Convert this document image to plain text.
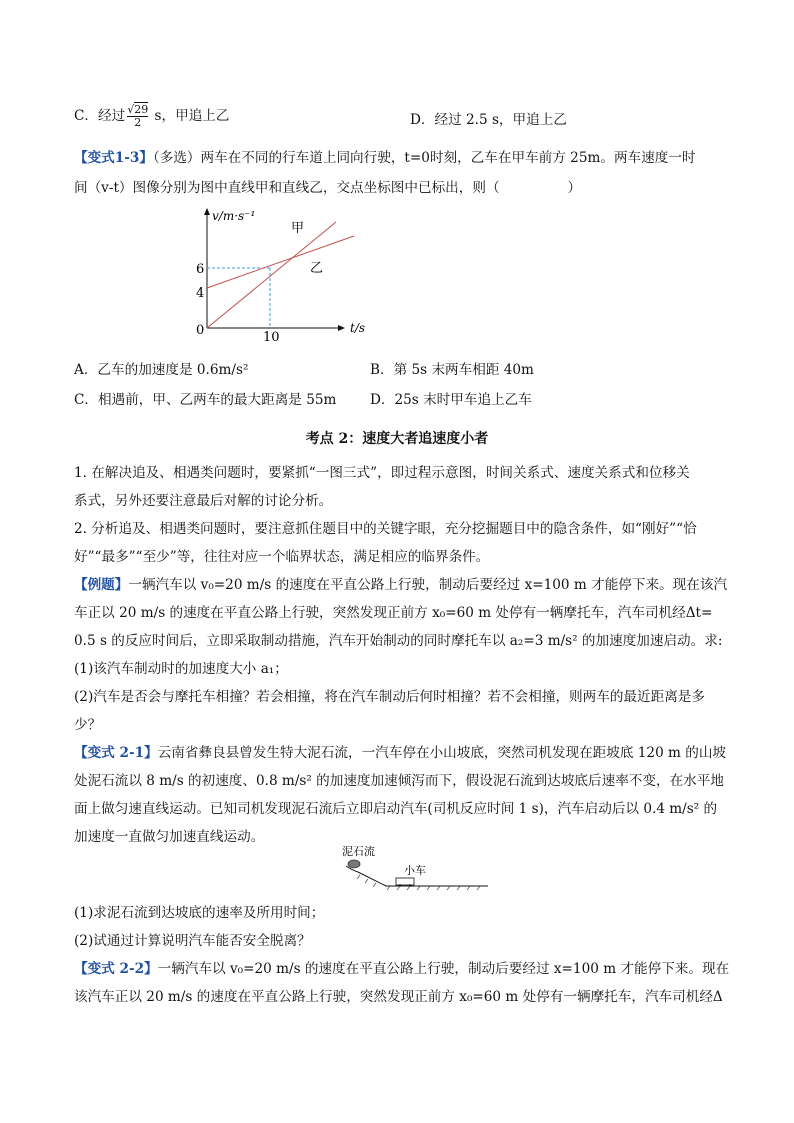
C．经过 $\frac{√29}{2}$ s，甲追上乙	D．经过 2.5 s，甲追上乙
【变式1-3】（多选）两车在不同的行车道上同向行驶，t=0时刻，乙车在甲车前方 25m。两车速度一时
间（v-t）图像分别为图中直线甲和直线乙，交点坐标图中已标出，则（　　　　　）
v/m·s⁻¹
t/s
0
6
4
10
甲
乙
A．乙车的加速度是 0.6m/s²	B．第 5s 末两车相距 40m
C．相遇前，甲、乙两车的最大距离是 55m D．25s 末时甲车追上乙车
考点 2：速度大者追速度小者
1. 在解决追及、相遇类问题时，要紧抓“一图三式”，即过程示意图，时间关系式、速度关系式和位移关
系式，另外还要注意最后对解的讨论分析。
2. 分析追及、相遇类问题时，要注意抓住题目中的关键字眼，充分挖掘题目中的隐含条件，如“刚好”“恰
好”“最多”“至少”等，往往对应一个临界状态，满足相应的临界条件。
【例题】一辆汽车以 v₀=20 m/s 的速度在平直公路上行驶，制动后要经过 x=100 m 才能停下来。现在该汽
车正以 20 m/s 的速度在平直公路上行驶，突然发现正前方 x₀=60 m 处停有一辆摩托车，汽车司机经Δt=
0.5 s 的反应时间后，立即采取制动措施，汽车开始制动的同时摩托车以 a₂=3 m/s² 的加速度加速启动。求:
(1)该汽车制动时的加速度大小 a₁；
(2)汽车是否会与摩托车相撞？若会相撞，将在汽车制动后何时相撞？若不会相撞，则两车的最近距离是多
少？
【变式 2-1】云南省彝良县曾发生特大泥石流，一汽车停在小山坡底，突然司机发现在距坡底 120 m 的山坡
处泥石流以 8 m/s 的初速度、0.8 m/s² 的加速度加速倾泻而下，假设泥石流到达坡底后速率不变，在水平地
面上做匀速直线运动。已知司机发现泥石流后立即启动汽车(司机反应时间 1 s)，汽车启动后以 0.4 m/s² 的
加速度一直做匀加速直线运动。
泥石流
小车
(1)求泥石流到达坡底的速率及所用时间；
(2)试通过计算说明汽车能否安全脱离？
【变式 2-2】一辆汽车以 v₀=20 m/s 的速度在平直公路上行驶，制动后要经过 x=100 m 才能停下来。现在
该汽车正以 20 m/s 的速度在平直公路上行驶，突然发现正前方 x₀=60 m 处停有一辆摩托车，汽车司机经Δ
